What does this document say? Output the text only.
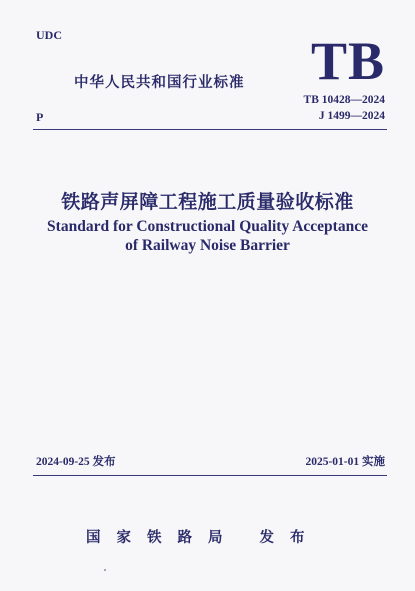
UDC	TB
中华人民共和国行业标准
TB 10428—2024
J 1499—2024
P
铁路声屏障工程施工质量验收标准
Standard for Constructional Quality Acceptance
of Railway Noise Barrier
2024-09-25 发布	2025-01-01 实施
国家铁路局 发布
